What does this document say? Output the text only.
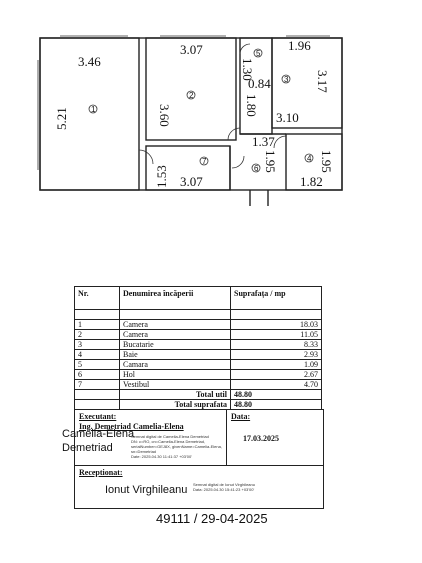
3.46
5.21
3.07
3.60
1.30
0.84
1.80
1.96
3.17
3.10
1.37
1.95
1.53 3.07
1.95
1.82
1
2
3
4
5
6
7
Nr.	Denumirea încăperii	Suprafața / mp

1	Camera	18.03
2	Camera	11.05
3	Bucatarie	8.33
4	Baie	2.93
5	Camara	1.09
6	Hol	2.67
7	Vestibul	4.70
	Total util	48.80
	Total suprafata	48.80
Executant:
Ing. Demetriad Camelia-Elena
Semnat digital de Camelia-Elena Demetriad
DN: c=RO, cn=Camelia-Elena Demetriad, serialNumber=GEJ8X, givenName=Camelia-Elena, sn=Demetriad
Date: 2025.04.30 11:41:37 +03'00'
Data:
17.03.2025
Camelia-Elena
Demetriad
Receptionat:
Ionut Virghileanu Semnat digital de Ionut Virghileanu
Data: 2025.04.30 15:41:23 +03'00'
49111 / 29-04-2025
